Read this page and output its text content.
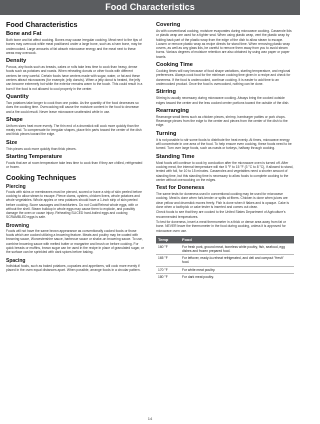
Food Characteristics
Food Characteristics
Bone and Fat

Both bone and fat affect cooking. Bones may cause irregular cooking. Meat next to the tips of bones may overcook while meat positioned under a large bone, such as a ham bone, may be undercooked. Large amounts of fat absorb microwave energy and the meat next to these areas may overcook.

Density

Porous, airy foods such as breads, cakes or rolls take less time to cook than heavy, dense foods such as potatoes and roasts. When reheating donuts or other foods with different centers be very careful. Certain foods have centers made with sugar, water, or fat and these centers attract microwaves (for example, jelly donuts). When a jelly donut is heated, the jelly can become extremely hot while the exterior remains warm to the touch. This could result in a burn if the food is not allowed to cool properly in the center.

Quantity

Two potatoes take longer to cook than one potato. As the quantity of the food decreases so does the cooking time. Overcooking will cause the moisture content in the food to decrease and a fire could result. Never leave microwave unattended while in use.

Shape

Uniform sizes heat more evenly. The thin end of a drumstick will cook more quickly than the meaty end. To compensate for irregular shapes, place thin parts toward the center of the dish and thick pieces toward the edge.

Size

Thin pieces cook more quickly than thick pieces.

Starting Temperature

Foods that are at room temperature take less time to cook than if they are chilled, refrigerated or frozen.

Cooking Techniques
Piercing

Foods with skins or membranes must be pierced, scored or have a strip of skin peeled before cooking to allow steam to escape. Pierce clams, oysters, chicken livers, whole potatoes and whole vegetables. Whole apples or new potatoes should have a 1-inch strip of skin peeled before cooking. Score sausages and frankfurters. Do not Cook/Reheat whole eggs, with or without the shell. Steam buildup in whole eggs may cause them to explode, and possibly damage the oven or cause injury. Reheating SLICED hard-boiled eggs and cooking SCRAMBLED eggs is safe.

Browning

Foods will not have the same brown appearance as conventionally cooked foods or those foods which are cooked utilizing a browning feature. Meats and poultry may be coated with browning sauce, Worcestershire sauce, barbecue sauce or shake-on browning sauce. To use, combine browning sauce with melted butter or margarine and brush on before cooking. For quick breads or muffins, brown sugar can be used in the recipe in place of granulated sugar, or the surface can be sprinkled with dark spices before baking.

Spacing

Individual foods, such as baked potatoes, cupcakes and appetizers, will cook more evenly if placed in the oven equal distances apart. When possible, arrange foods in a circular pattern.

Covering

As with conventional cooking, moisture evaporates during microwave cooking. Casserole lids or plastic wrap are used for a tighter seal. When using plastic wrap, vent the plastic wrap by folding back part of the plastic wrap from the edge of the dish to allow steam to escape. Loosen or remove plastic wrap as recipe directs for stand time. When removing plastic wrap covers, as well as any glass lids, be careful to remove them away from you to avoid steam burns. Various degrees of moisture retention are also obtained by using wax paper or paper towels.

Cooking Time

Cooking times will vary because of food shape variations, starting temperature, and regional preferences. Always cook food for the minimum cooking time given in a recipe and check for doneness. If the food is undercooked, continue cooking. It is easier to add time to an undercooked product. Once the food is overcooked, nothing can be done.

Stirring

Stirring is usually necessary during microwave cooking. Always bring the cooked outside edges toward the center and the less cooked center portions toward the outside of the dish.

Rearranging

Rearrange small items such as chicken pieces, shrimp, hamburger patties or pork chops. Rearrange pieces from the edge to the center and pieces from the center of the dish to the edge.

Turning

It is not possible to stir some foods to distribute the heat evenly. At times, microwave energy will concentrate in one area of the food. To help ensure even cooking, these foods need to be turned. Turn over large foods, such as roasts or turkeys, halfway through cooking.

Standing Time

Most foods will continue to cook by conduction after the microwave oven is turned off. After cooking meat, the internal temperature will rise 5 °F to 15 °F (3 °C to 8 °C), if allowed to stand, tented with foil, for 10 to 15 minutes. Casseroles and vegetables need a shorter amount of standing time, but this standing time is necessary to allow foods to complete cooking to the center without overcooking on the edges.

Test for Doneness

The same tests for doneness used in conventional cooking may be used for microwave cooking. Meat is done when fork-tender or splits at fibers. Chicken is done when juices are clear yellow and drumstick moves freely. Fish is done when it flakes and is opaque. Cake is done when a toothpick or cake tester is inserted and comes out clean.

Check foods to see that they are cooked to the United States Department of Agriculture's recommended temperatures.

To test for doneness, insert a meat thermometer in a thick or dense area away from fat or bone. NEVER leave the thermometer in the food during cooking, unless it is approved for microwave oven use.

Temp	Food
160 °F	For fresh pork, ground meat, boneless white poultry, fish, seafood, egg dishes and frozen prepared food.
165 °F	For leftover, ready-to-reheat refrigerated, and deli and carryout "fresh" food.
170 °F	For white meat poultry.
180 °F	For dark meat poultry.
14
